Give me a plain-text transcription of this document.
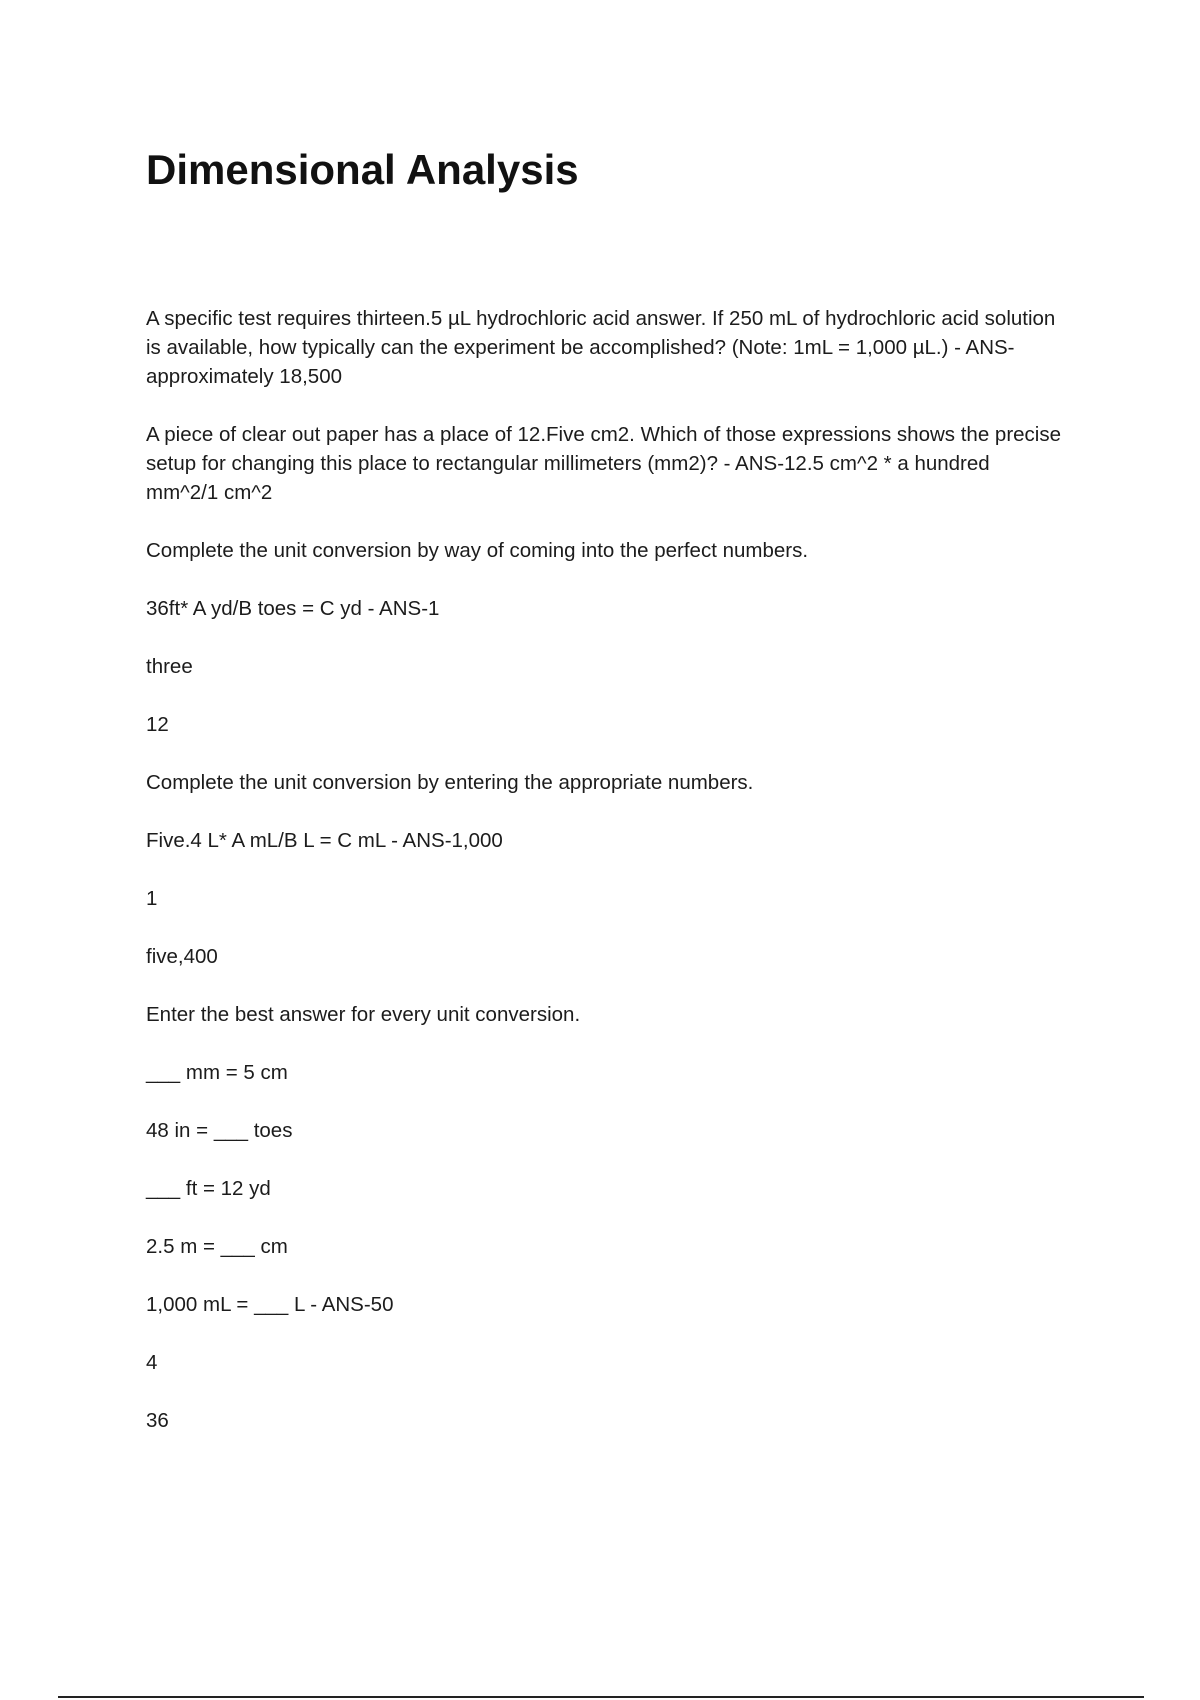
Dimensional Analysis

A specific test requires thirteen.5 µL hydrochloric acid answer. If 250 mL of hydrochloric acid solution is available, how typically can the experiment be accomplished? (Note: 1mL = 1,000 µL.) - ANS-approximately 18,500

A piece of clear out paper has a place of 12.Five cm2. Which of those expressions shows the precise setup for changing this place to rectangular millimeters (mm2)? - ANS-12.5 cm^2 * a hundred mm^2/1 cm^2

Complete the unit conversion by way of coming into the perfect numbers.

36ft* A yd/B toes = C yd - ANS-1

three

12

Complete the unit conversion by entering the appropriate numbers.

Five.4 L* A mL/B L = C mL - ANS-1,000

1

five,400

Enter the best answer for every unit conversion.

___ mm = 5 cm

48 in = ___ toes

___ ft = 12 yd

2.5 m = ___ cm

1,000 mL = ___ L - ANS-50

4

36
